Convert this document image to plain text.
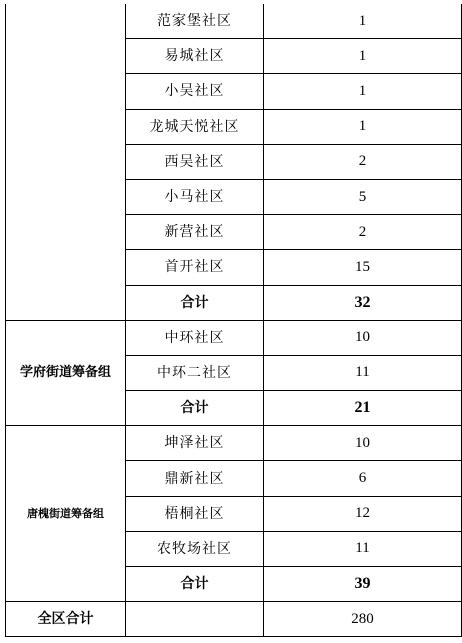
	范家堡社区	1
	易城社区	1
	小吴社区	1
	龙城天悦社区	1
	西吴社区	2
	小马社区	5
	新营社区	2
	首开社区	15
	合计	32
学府街道筹备组	中环社区	10
	中环二社区	11
	合计	21
唐槐街道筹备组	坤泽社区	10
	鼎新社区	6
	梧桐社区	12
	农牧场社区	11
	合计	39
全区合计		280
